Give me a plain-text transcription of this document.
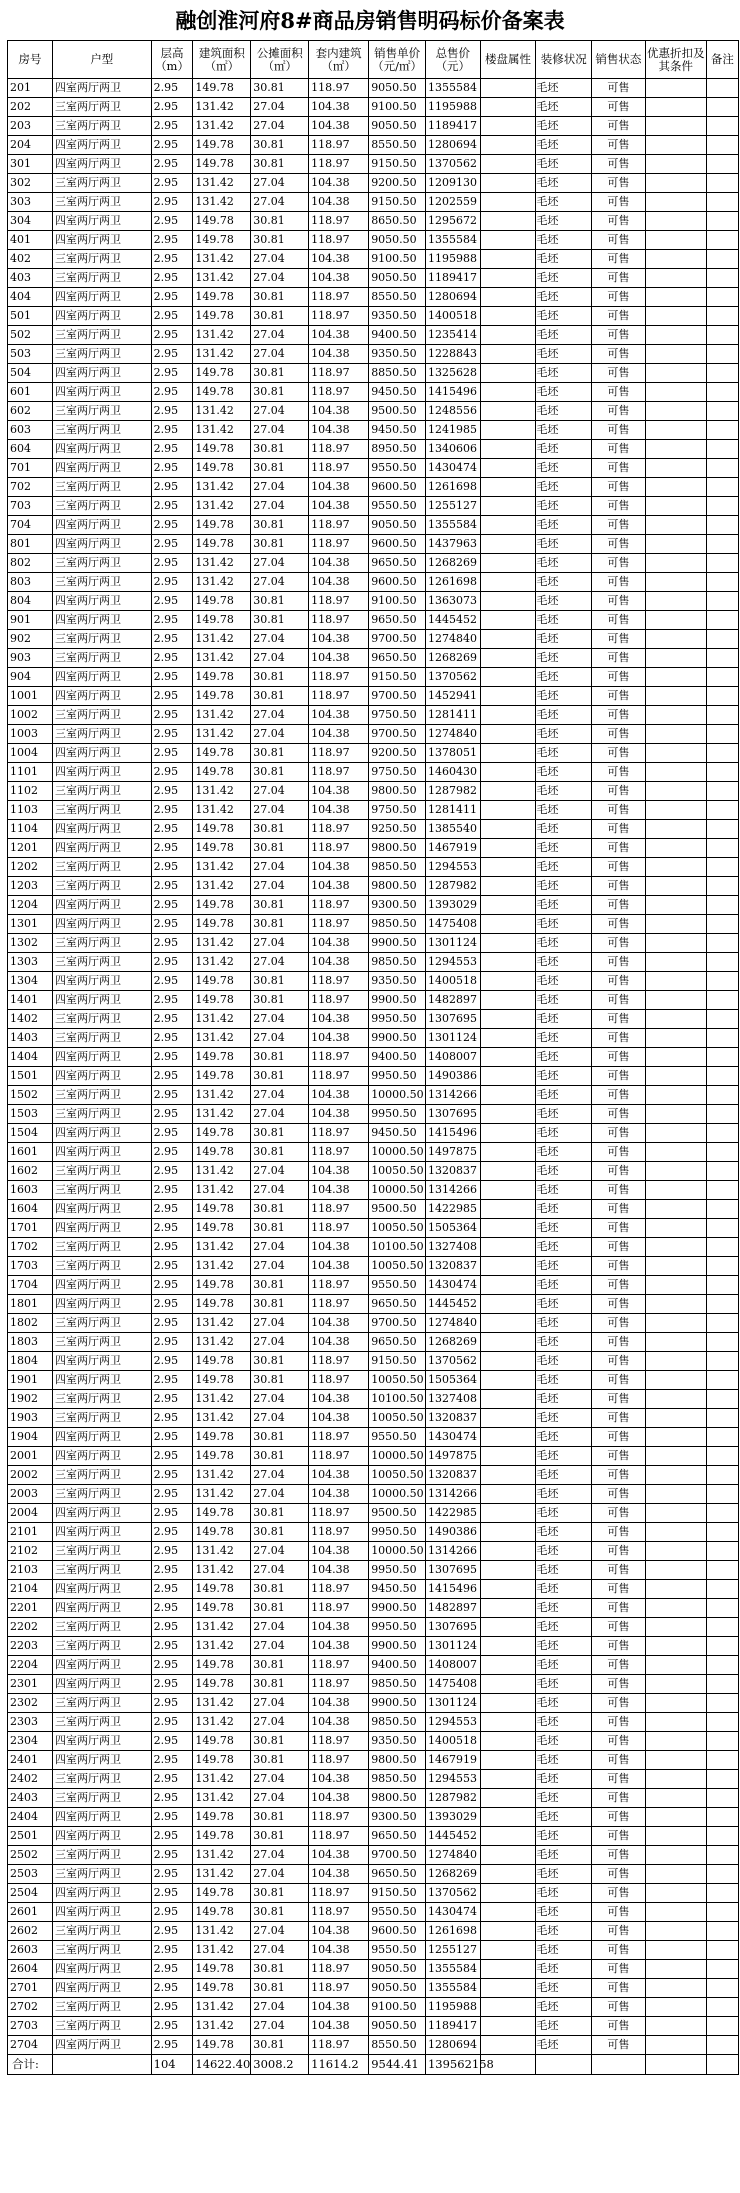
融创淮河府8#商品房销售明码标价备案表
房号	户型	层高（m）	建筑面积（㎡）	公摊面积（㎡）	套内建筑（㎡）	销售单价（元/㎡）	总售价（元）	楼盘属性	装修状况	销售状态	优惠折扣及其条件	备注
201	四室两厅两卫	2.95	149.78	30.81	118.97	9050.50	1355584		毛坯	可售		
202	三室两厅两卫	2.95	131.42	27.04	104.38	9100.50	1195988		毛坯	可售		
203	三室两厅两卫	2.95	131.42	27.04	104.38	9050.50	1189417		毛坯	可售		
204	四室两厅两卫	2.95	149.78	30.81	118.97	8550.50	1280694		毛坯	可售		
301	四室两厅两卫	2.95	149.78	30.81	118.97	9150.50	1370562		毛坯	可售		
302	三室两厅两卫	2.95	131.42	27.04	104.38	9200.50	1209130		毛坯	可售		
303	三室两厅两卫	2.95	131.42	27.04	104.38	9150.50	1202559		毛坯	可售		
304	四室两厅两卫	2.95	149.78	30.81	118.97	8650.50	1295672		毛坯	可售		
401	四室两厅两卫	2.95	149.78	30.81	118.97	9050.50	1355584		毛坯	可售		
402	三室两厅两卫	2.95	131.42	27.04	104.38	9100.50	1195988		毛坯	可售		
403	三室两厅两卫	2.95	131.42	27.04	104.38	9050.50	1189417		毛坯	可售		
404	四室两厅两卫	2.95	149.78	30.81	118.97	8550.50	1280694		毛坯	可售		
501	四室两厅两卫	2.95	149.78	30.81	118.97	9350.50	1400518		毛坯	可售		
502	三室两厅两卫	2.95	131.42	27.04	104.38	9400.50	1235414		毛坯	可售		
503	三室两厅两卫	2.95	131.42	27.04	104.38	9350.50	1228843		毛坯	可售		
504	四室两厅两卫	2.95	149.78	30.81	118.97	8850.50	1325628		毛坯	可售		
601	四室两厅两卫	2.95	149.78	30.81	118.97	9450.50	1415496		毛坯	可售		
602	三室两厅两卫	2.95	131.42	27.04	104.38	9500.50	1248556		毛坯	可售		
603	三室两厅两卫	2.95	131.42	27.04	104.38	9450.50	1241985		毛坯	可售		
604	四室两厅两卫	2.95	149.78	30.81	118.97	8950.50	1340606		毛坯	可售		
701	四室两厅两卫	2.95	149.78	30.81	118.97	9550.50	1430474		毛坯	可售		
702	三室两厅两卫	2.95	131.42	27.04	104.38	9600.50	1261698		毛坯	可售		
703	三室两厅两卫	2.95	131.42	27.04	104.38	9550.50	1255127		毛坯	可售		
704	四室两厅两卫	2.95	149.78	30.81	118.97	9050.50	1355584		毛坯	可售		
801	四室两厅两卫	2.95	149.78	30.81	118.97	9600.50	1437963		毛坯	可售		
802	三室两厅两卫	2.95	131.42	27.04	104.38	9650.50	1268269		毛坯	可售		
803	三室两厅两卫	2.95	131.42	27.04	104.38	9600.50	1261698		毛坯	可售		
804	四室两厅两卫	2.95	149.78	30.81	118.97	9100.50	1363073		毛坯	可售		
901	四室两厅两卫	2.95	149.78	30.81	118.97	9650.50	1445452		毛坯	可售		
902	三室两厅两卫	2.95	131.42	27.04	104.38	9700.50	1274840		毛坯	可售		
903	三室两厅两卫	2.95	131.42	27.04	104.38	9650.50	1268269		毛坯	可售		
904	四室两厅两卫	2.95	149.78	30.81	118.97	9150.50	1370562		毛坯	可售		
1001	四室两厅两卫	2.95	149.78	30.81	118.97	9700.50	1452941		毛坯	可售		
1002	三室两厅两卫	2.95	131.42	27.04	104.38	9750.50	1281411		毛坯	可售		
1003	三室两厅两卫	2.95	131.42	27.04	104.38	9700.50	1274840		毛坯	可售		
1004	四室两厅两卫	2.95	149.78	30.81	118.97	9200.50	1378051		毛坯	可售		
1101	四室两厅两卫	2.95	149.78	30.81	118.97	9750.50	1460430		毛坯	可售		
1102	三室两厅两卫	2.95	131.42	27.04	104.38	9800.50	1287982		毛坯	可售		
1103	三室两厅两卫	2.95	131.42	27.04	104.38	9750.50	1281411		毛坯	可售		
1104	四室两厅两卫	2.95	149.78	30.81	118.97	9250.50	1385540		毛坯	可售		
1201	四室两厅两卫	2.95	149.78	30.81	118.97	9800.50	1467919		毛坯	可售		
1202	三室两厅两卫	2.95	131.42	27.04	104.38	9850.50	1294553		毛坯	可售		
1203	三室两厅两卫	2.95	131.42	27.04	104.38	9800.50	1287982		毛坯	可售		
1204	四室两厅两卫	2.95	149.78	30.81	118.97	9300.50	1393029		毛坯	可售		
1301	四室两厅两卫	2.95	149.78	30.81	118.97	9850.50	1475408		毛坯	可售		
1302	三室两厅两卫	2.95	131.42	27.04	104.38	9900.50	1301124		毛坯	可售		
1303	三室两厅两卫	2.95	131.42	27.04	104.38	9850.50	1294553		毛坯	可售		
1304	四室两厅两卫	2.95	149.78	30.81	118.97	9350.50	1400518		毛坯	可售		
1401	四室两厅两卫	2.95	149.78	30.81	118.97	9900.50	1482897		毛坯	可售		
1402	三室两厅两卫	2.95	131.42	27.04	104.38	9950.50	1307695		毛坯	可售		
1403	三室两厅两卫	2.95	131.42	27.04	104.38	9900.50	1301124		毛坯	可售		
1404	四室两厅两卫	2.95	149.78	30.81	118.97	9400.50	1408007		毛坯	可售		
1501	四室两厅两卫	2.95	149.78	30.81	118.97	9950.50	1490386		毛坯	可售		
1502	三室两厅两卫	2.95	131.42	27.04	104.38	10000.50	1314266		毛坯	可售		
1503	三室两厅两卫	2.95	131.42	27.04	104.38	9950.50	1307695		毛坯	可售		
1504	四室两厅两卫	2.95	149.78	30.81	118.97	9450.50	1415496		毛坯	可售		
1601	四室两厅两卫	2.95	149.78	30.81	118.97	10000.50	1497875		毛坯	可售		
1602	三室两厅两卫	2.95	131.42	27.04	104.38	10050.50	1320837		毛坯	可售		
1603	三室两厅两卫	2.95	131.42	27.04	104.38	10000.50	1314266		毛坯	可售		
1604	四室两厅两卫	2.95	149.78	30.81	118.97	9500.50	1422985		毛坯	可售		
1701	四室两厅两卫	2.95	149.78	30.81	118.97	10050.50	1505364		毛坯	可售		
1702	三室两厅两卫	2.95	131.42	27.04	104.38	10100.50	1327408		毛坯	可售		
1703	三室两厅两卫	2.95	131.42	27.04	104.38	10050.50	1320837		毛坯	可售		
1704	四室两厅两卫	2.95	149.78	30.81	118.97	9550.50	1430474		毛坯	可售		
1801	四室两厅两卫	2.95	149.78	30.81	118.97	9650.50	1445452		毛坯	可售		
1802	三室两厅两卫	2.95	131.42	27.04	104.38	9700.50	1274840		毛坯	可售		
1803	三室两厅两卫	2.95	131.42	27.04	104.38	9650.50	1268269		毛坯	可售		
1804	四室两厅两卫	2.95	149.78	30.81	118.97	9150.50	1370562		毛坯	可售		
1901	四室两厅两卫	2.95	149.78	30.81	118.97	10050.50	1505364		毛坯	可售		
1902	三室两厅两卫	2.95	131.42	27.04	104.38	10100.50	1327408		毛坯	可售		
1903	三室两厅两卫	2.95	131.42	27.04	104.38	10050.50	1320837		毛坯	可售		
1904	四室两厅两卫	2.95	149.78	30.81	118.97	9550.50	1430474		毛坯	可售		
2001	四室两厅两卫	2.95	149.78	30.81	118.97	10000.50	1497875		毛坯	可售		
2002	三室两厅两卫	2.95	131.42	27.04	104.38	10050.50	1320837		毛坯	可售		
2003	三室两厅两卫	2.95	131.42	27.04	104.38	10000.50	1314266		毛坯	可售		
2004	四室两厅两卫	2.95	149.78	30.81	118.97	9500.50	1422985		毛坯	可售		
2101	四室两厅两卫	2.95	149.78	30.81	118.97	9950.50	1490386		毛坯	可售		
2102	三室两厅两卫	2.95	131.42	27.04	104.38	10000.50	1314266		毛坯	可售		
2103	三室两厅两卫	2.95	131.42	27.04	104.38	9950.50	1307695		毛坯	可售		
2104	四室两厅两卫	2.95	149.78	30.81	118.97	9450.50	1415496		毛坯	可售		
2201	四室两厅两卫	2.95	149.78	30.81	118.97	9900.50	1482897		毛坯	可售		
2202	三室两厅两卫	2.95	131.42	27.04	104.38	9950.50	1307695		毛坯	可售		
2203	三室两厅两卫	2.95	131.42	27.04	104.38	9900.50	1301124		毛坯	可售		
2204	四室两厅两卫	2.95	149.78	30.81	118.97	9400.50	1408007		毛坯	可售		
2301	四室两厅两卫	2.95	149.78	30.81	118.97	9850.50	1475408		毛坯	可售		
2302	三室两厅两卫	2.95	131.42	27.04	104.38	9900.50	1301124		毛坯	可售		
2303	三室两厅两卫	2.95	131.42	27.04	104.38	9850.50	1294553		毛坯	可售		
2304	四室两厅两卫	2.95	149.78	30.81	118.97	9350.50	1400518		毛坯	可售		
2401	四室两厅两卫	2.95	149.78	30.81	118.97	9800.50	1467919		毛坯	可售		
2402	三室两厅两卫	2.95	131.42	27.04	104.38	9850.50	1294553		毛坯	可售		
2403	三室两厅两卫	2.95	131.42	27.04	104.38	9800.50	1287982		毛坯	可售		
2404	四室两厅两卫	2.95	149.78	30.81	118.97	9300.50	1393029		毛坯	可售		
2501	四室两厅两卫	2.95	149.78	30.81	118.97	9650.50	1445452		毛坯	可售		
2502	三室两厅两卫	2.95	131.42	27.04	104.38	9700.50	1274840		毛坯	可售		
2503	三室两厅两卫	2.95	131.42	27.04	104.38	9650.50	1268269		毛坯	可售		
2504	四室两厅两卫	2.95	149.78	30.81	118.97	9150.50	1370562		毛坯	可售		
2601	四室两厅两卫	2.95	149.78	30.81	118.97	9550.50	1430474		毛坯	可售		
2602	三室两厅两卫	2.95	131.42	27.04	104.38	9600.50	1261698		毛坯	可售		
2603	三室两厅两卫	2.95	131.42	27.04	104.38	9550.50	1255127		毛坯	可售		
2604	四室两厅两卫	2.95	149.78	30.81	118.97	9050.50	1355584		毛坯	可售		
2701	四室两厅两卫	2.95	149.78	30.81	118.97	9050.50	1355584		毛坯	可售		
2702	三室两厅两卫	2.95	131.42	27.04	104.38	9100.50	1195988		毛坯	可售		
2703	三室两厅两卫	2.95	131.42	27.04	104.38	9050.50	1189417		毛坯	可售		
2704	四室两厅两卫	2.95	149.78	30.81	118.97	8550.50	1280694		毛坯	可售		
合计:		104	14622.40	3008.2	11614.2	9544.41	139562158					
